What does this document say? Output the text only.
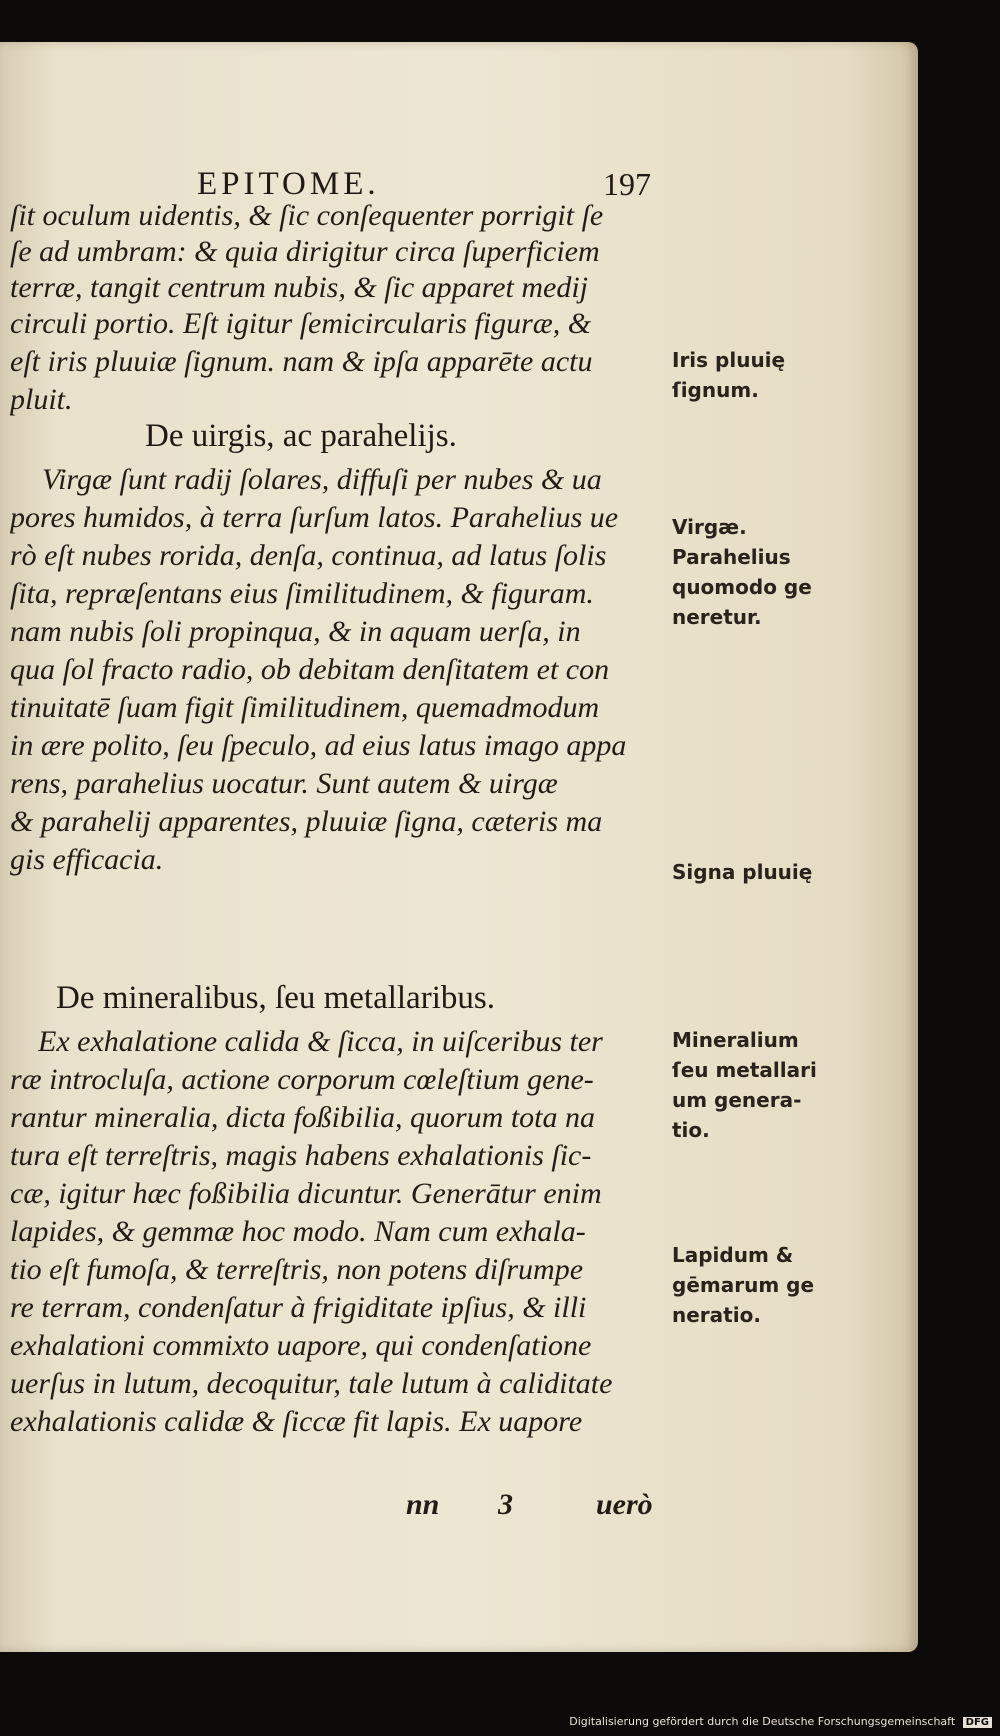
EPITOME.	197
ſit oculum uidentis, & ſic conſequenter porrigit ſe
ſe ad umbram: & quia dirigitur circa ſuperficiem
terræ, tangit centrum nubis, & ſic apparet medij
circuli portio. Eſt igitur ſemicircularis figuræ, &
eſt iris pluuiæ ſignum. nam & ipſa apparēte actu
pluit.
De uirgis, ac parahelijs.
Virgæ ſunt radij ſolares, diffuſi per nubes & ua
pores humidos, à terra ſurſum latos. Parahelius ue
rò eſt nubes rorida, denſa, continua, ad latus ſolis
ſita, repræſentans eius ſimilitudinem, & figuram.
nam nubis ſoli propinqua, & in aquam uerſa, in
qua ſol fracto radio, ob debitam denſitatem et con
tinuitatē ſuam figit ſimilitudinem, quemadmodum
in ære polito, ſeu ſpeculo, ad eius latus imago appa
rens, parahelius uocatur. Sunt autem & uirgæ
& parahelij apparentes, pluuiæ ſigna, cæteris ma
gis efficacia.
De mineralibus, ſeu metallaribus.
Ex exhalatione calida & ſicca, in uiſceribus ter
ræ introcluſa, actione corporum cœleſtium gene-
rantur mineralia, dicta foßibilia, quorum tota na
tura eſt terreſtris, magis habens exhalationis ſic-
cæ, igitur hæc foßibilia dicuntur. Generātur enim
lapides, & gemmæ hoc modo. Nam cum exhala-
tio eſt fumoſa, & terreſtris, non potens diſrumpe
re terram, condenſatur à frigiditate ipſius, & illi
exhalationi commixto uapore, qui condenſatione
uerſus in lutum, decoquitur, tale lutum à caliditate
exhalationis calidæ & ſiccæ fit lapis. Ex uapore
Iris pluuię
ſignum.
Virgæ.
Parahelius
quomodo ge
neretur.
Signa pluuię
Mineralium
ſeu metallari
um genera-
tio.
Lapidum &
gēmarum ge
neratio.
nn 3	uerò
Digitalisierung gefördert durch die Deutsche Forschungsgemeinschaft DFG
